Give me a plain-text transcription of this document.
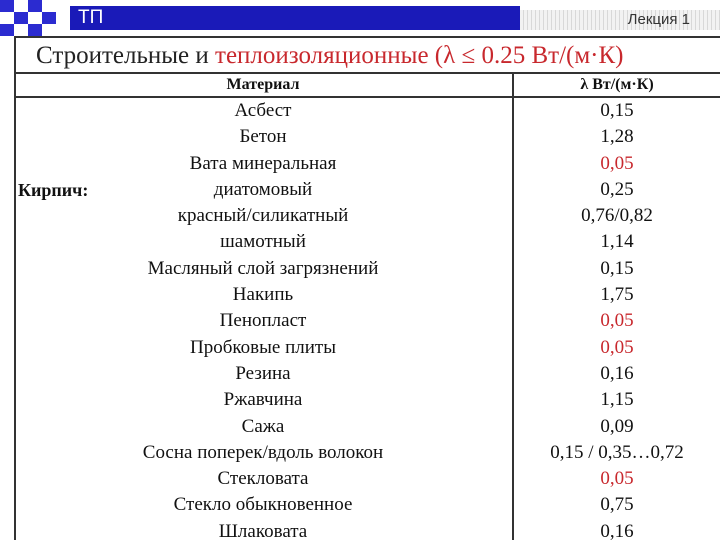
ТП	Лекция 1
Строительные и теплоизоляционные (λ ≤ 0.25 Вт/(м·К)
Материал	λ Вт/(м·К)
Асбест	0,15
Бетон	1,28
Вата минеральная	0,05
Кирпич:	диатомовый	0,25
красный/силикатный	0,76/0,82
шамотный	1,14
Масляный слой загрязнений	0,15
Накипь	1,75
Пенопласт	0,05
Пробковые плиты	0,05
Резина	0,16
Ржавчина	1,15
Сажа	0,09
Сосна поперек/вдоль волокон	0,15 / 0,35…0,72
Стекловата	0,05
Стекло обыкновенное	0,75
Шлаковата	0,16
